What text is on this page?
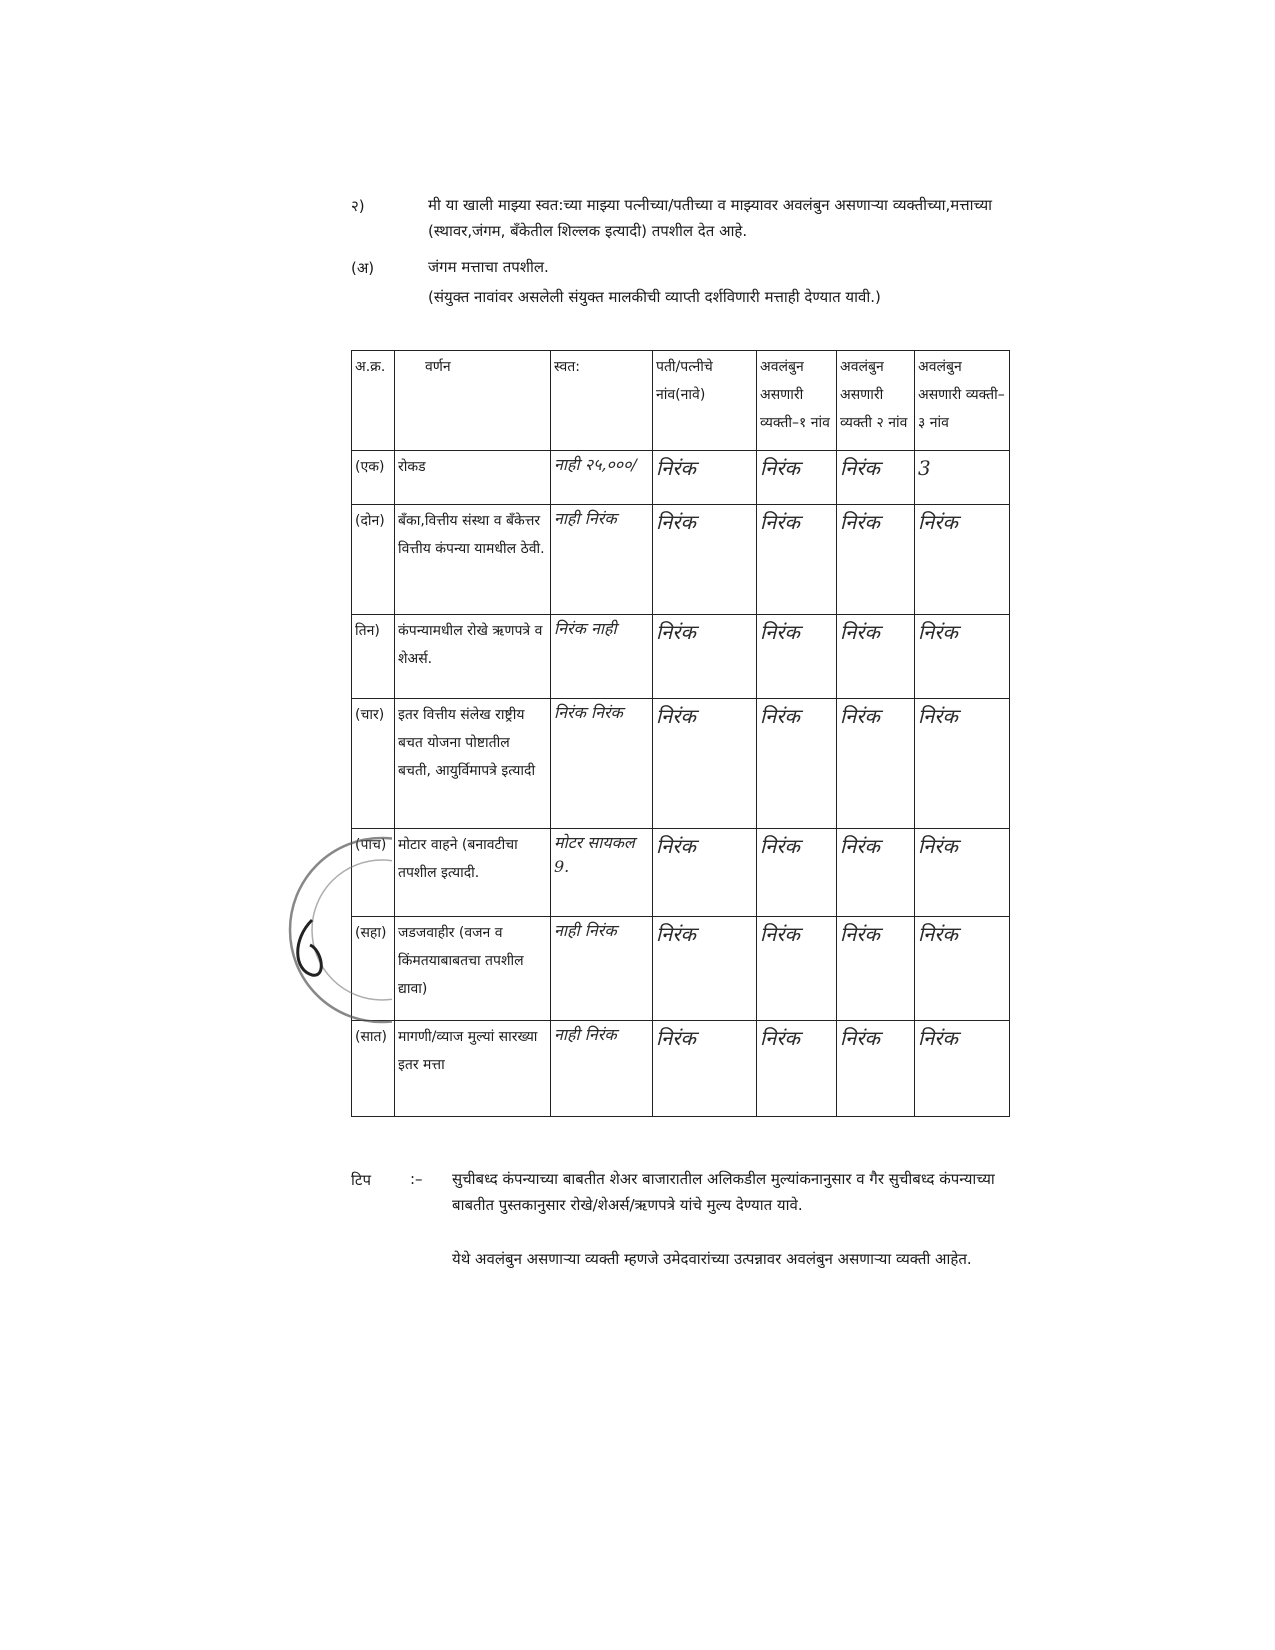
२)	मी या खाली माझ्या स्वत:च्या माझ्या पत्नीच्या/पतीच्या व माझ्यावर अवलंबुन असणाऱ्या व्यक्तीच्या,मत्ताच्या (स्थावर,जंगम, बॅंकेतील शिल्लक इत्यादी) तपशील देत आहे.
(अ)	जंगम मत्ताचा तपशील.
(संयुक्त नावांवर असलेली संयुक्त मालकीची व्याप्ती दर्शविणारी मत्ताही देण्यात यावी.)
अ.क्र.	वर्णन	स्वत:	पती/पत्नीचे नांव(नावे)	अवलंबुन असणारी व्यक्ती–१ नांव	अवलंबुन असणारी व्यक्ती २ नांव	अवलंबुन असणारी व्यक्ती–३ नांव
(एक)	रोकड	नाही २५,०००/	निरंक	निरंक	निरंक	3

(दोन)	बॅंका,वित्तीय संस्था व बॅंकेत्तर वित्तीय कंपन्या यामधील ठेवी.	नाही निरंक	निरंक	निरंक	निरंक	निरंक

तिन)	कंपन्यामधील रोखे ऋणपत्रे व शेअर्स.	निरंक नाही	निरंक	निरंक	निरंक	निरंक

(चार)	इतर वित्तीय संलेख राष्ट्रीय बचत योजना पोष्टातील बचती, आयुर्विमापत्रे इत्यादी	निरंक निरंक	निरंक	निरंक	निरंक	निरंक

(पाच)	मोटार वाहने (बनावटीचा तपशील इत्यादी.	मोटर सायकल 9.	निरंक	निरंक	निरंक	निरंक

(सहा)	जडजवाहीर (वजन व किंमतयाबाबतचा तपशील द्यावा)	नाही निरंक	निरंक	निरंक	निरंक	निरंक

(सात)	मागणी/व्याज मुल्यां सारख्या इतर मत्ता	नाही निरंक	निरंक	निरंक	निरंक	निरंक
टिप	:– सुचीबध्द कंपन्याच्या बाबतीत शेअर बाजारातील अलिकडील मुल्यांकनानुसार व गैर सुचीबध्द कंपन्याच्या बाबतीत पुस्तकानुसार रोखे/शेअर्स/ऋणपत्रे यांचे मुल्य देण्यात यावे.
येथे अवलंबुन असणाऱ्या व्यक्ती म्हणजे उमेदवारांच्या उत्पन्नावर अवलंबुन असणाऱ्या व्यक्ती आहेत.
